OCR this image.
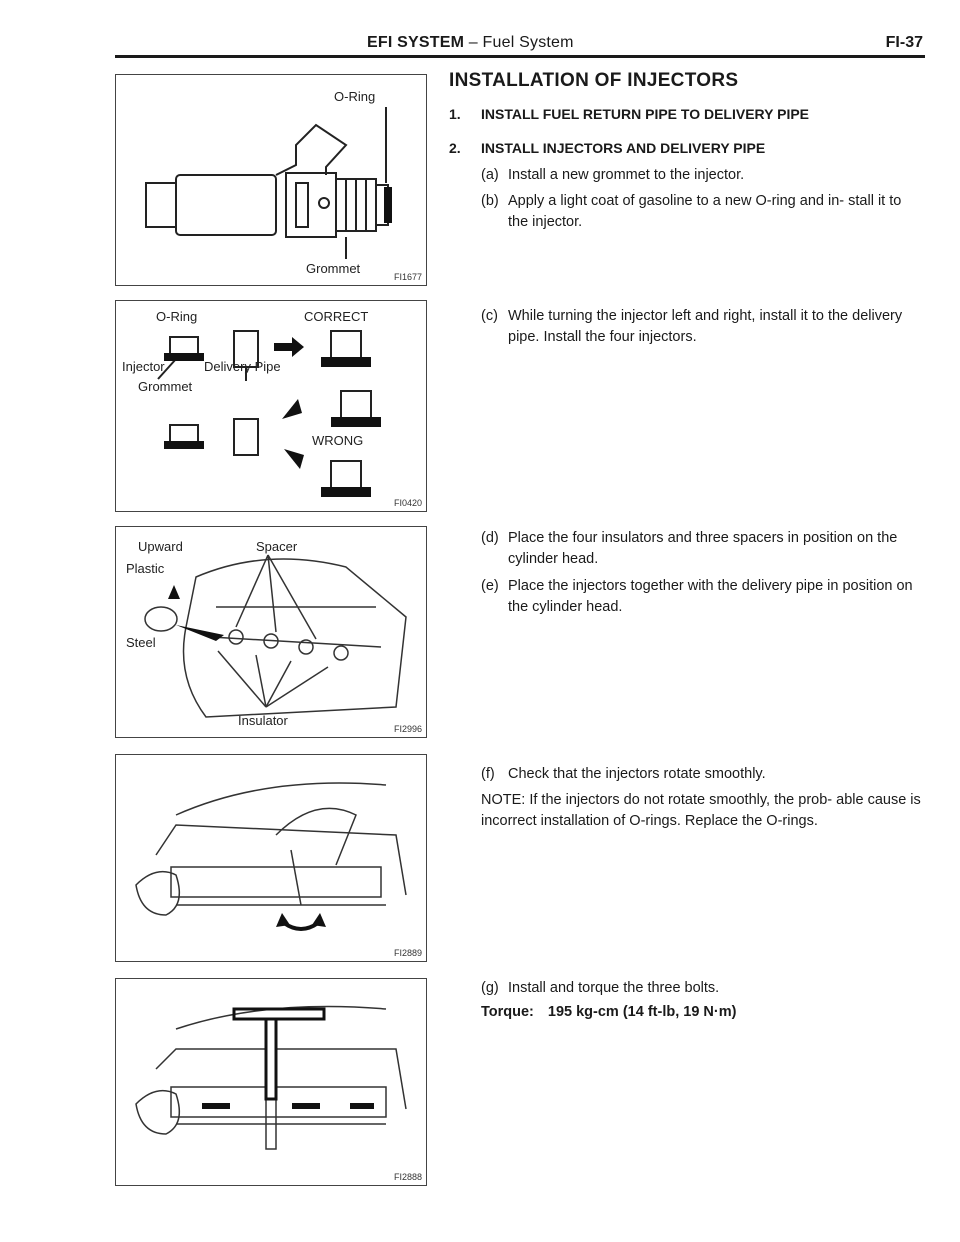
EFI SYSTEM – Fuel System	FI-37
O-Ring
Grommet
FI1677
O-Ring	CORRECT
Injector	Delivery Pipe
Grommet
WRONG
FI0420
Upward	Spacer
Plastic
Steel
Insulator
FI2996
FI2889
FI2888
INSTALLATION OF INJECTORS
1. INSTALL FUEL RETURN PIPE TO DELIVERY PIPE
2. INSTALL INJECTORS AND DELIVERY PIPE
(a) Install a new grommet to the injector.
(b) Apply a light coat of gasoline to a new O-ring and in- stall it to the injector.
(c) While turning the injector left and right, install it to the delivery pipe. Install the four injectors.
(d) Place the four insulators and three spacers in position on the cylinder head.
(e) Place the injectors together with the delivery pipe in position on the cylinder head.
(f) Check that the injectors rotate smoothly.
NOTE: If the injectors do not rotate smoothly, the prob- able cause is incorrect installation of O-rings. Replace the O-rings.
(g) Install and torque the three bolts.
Torque: 195 kg-cm (14 ft-lb, 19 N·m)
